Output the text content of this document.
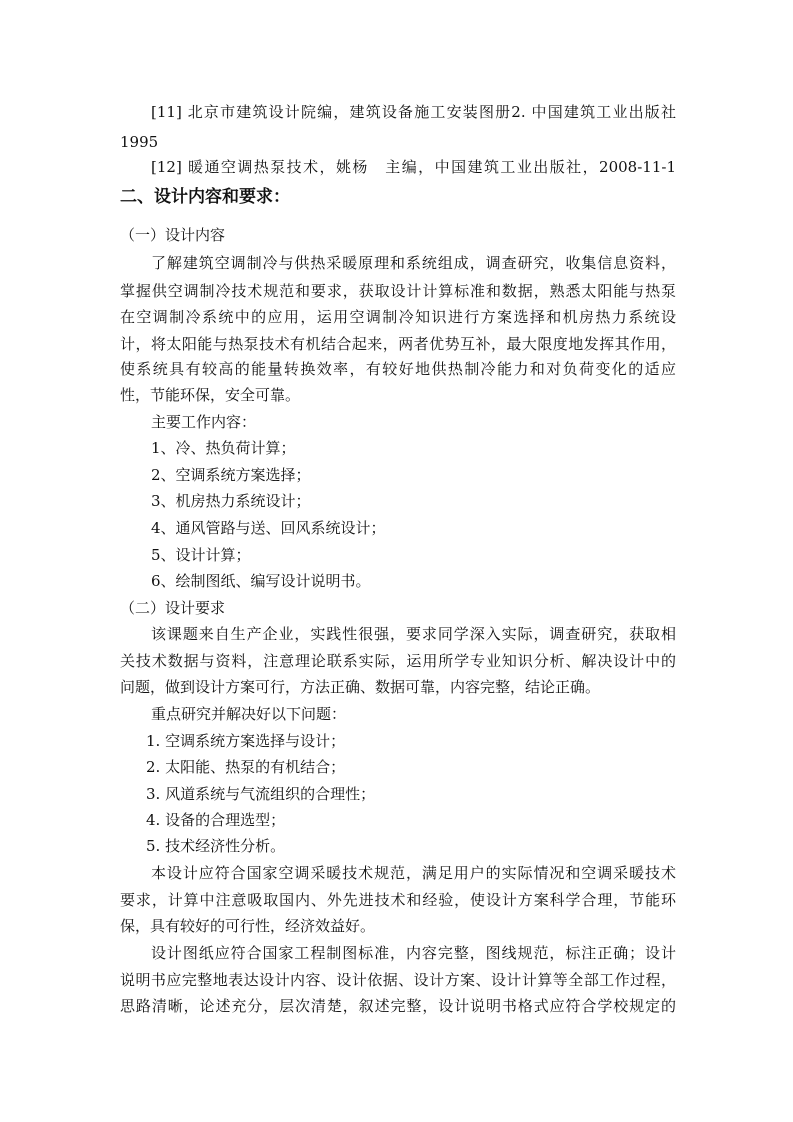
[11] 北京市建筑设计院编，建筑设备施工安装图册2. 中国建筑工业出版社
1995
[12] 暖通空调热泵技术，姚杨　主编，中国建筑工业出版社，2008-11-1
二、设计内容和要求：
（一）设计内容
了解建筑空调制冷与供热采暖原理和系统组成，调查研究，收集信息资料，
掌握供空调制冷技术规范和要求，获取设计计算标准和数据，熟悉太阳能与热泵
在空调制冷系统中的应用，运用空调制冷知识进行方案选择和机房热力系统设
计，将太阳能与热泵技术有机结合起来，两者优势互补，最大限度地发挥其作用，
使系统具有较高的能量转换效率，有较好地供热制冷能力和对负荷变化的适应
性，节能环保，安全可靠。
主要工作内容：
1、冷、热负荷计算；
2、空调系统方案选择；
3、机房热力系统设计；
4、通风管路与送、回风系统设计；
5、设计计算；
6、绘制图纸、编写设计说明书。
（二）设计要求
该课题来自生产企业，实践性很强，要求同学深入实际，调查研究，获取相
关技术数据与资料，注意理论联系实际，运用所学专业知识分析、解决设计中的
问题，做到设计方案可行，方法正确、数据可靠，内容完整，结论正确。
重点研究并解决好以下问题：
1. 空调系统方案选择与设计；
2. 太阳能、热泵的有机结合；
3. 风道系统与气流组织的合理性；
4. 设备的合理选型；
5. 技术经济性分析。
本设计应符合国家空调采暖技术规范，满足用户的实际情况和空调采暖技术
要求，计算中注意吸取国内、外先进技术和经验，使设计方案科学合理，节能环
保，具有较好的可行性，经济效益好。
设计图纸应符合国家工程制图标准，内容完整，图线规范，标注正确；设计
说明书应完整地表达设计内容、设计依据、设计方案、设计计算等全部工作过程，
思路清晰，论述充分，层次清楚，叙述完整，设计说明书格式应符合学校规定的
